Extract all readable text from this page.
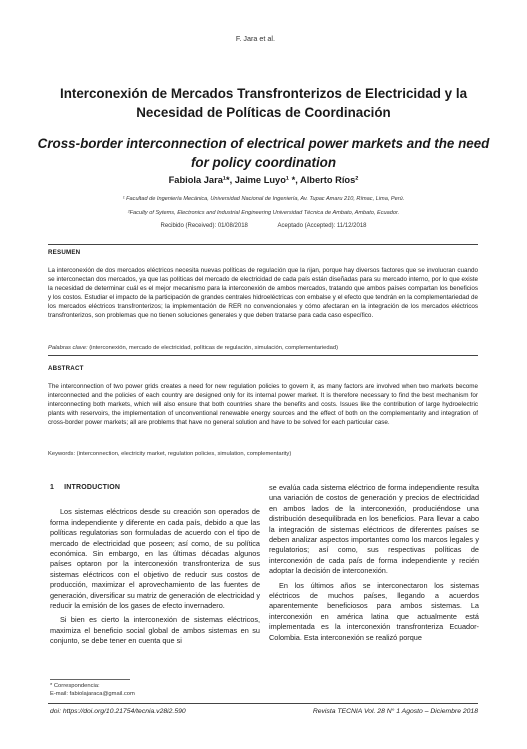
F. Jara et al.
Interconexión de Mercados Transfronterizos de Electricidad y la Necesidad de Políticas de Coordinación
Cross-border interconnection of electrical power markets and the need for policy coordination
Fabiola Jara¹*, Jaime Luyo¹ *, Alberto Ríos²
¹ Facultad de Ingeniería Mecánica, Universidad Nacional de Ingeniería, Av. Tupac Amaru 210, Rímac, Lima, Perú.
²Faculty of Sytems, Electronics and Industrial Engineering Universidad Técnica de Ambato, Ambato, Ecuador.
Recibido (Received): 01/08/2018	Aceptado (Accepted): 11/12/2018
RESUMEN

La interconexión de dos mercados eléctricos necesita nuevas políticas de regulación que la rijan, porque hay diversos factores que se involucran cuando se interconectan dos mercados, ya que las políticas del mercado de electricidad de cada país están diseñadas para su mercado interno, por lo que existe la necesidad de determinar cuál es el mejor mecanismo para la interconexión de ambos mercados, tratando que ambos países compartan los beneficios y los costos. Estudiar el impacto de la participación de grandes centrales hidroeléctricas con embalse y el efecto que tendrán en la complementariedad de los mercados eléctricos transfronterizos; la implementación de RER no convencionales y cómo afectaran en la integración de los mercados eléctricos transfronterizos, son problemas que no tienen soluciones generales y que deben tratarse para cada caso específico.

Palabras clave: (interconexión, mercado de electricidad, políticas de regulación, simulación, complementariedad)
ABSTRACT

The interconnection of two power grids creates a need for new regulation policies to govern it, as many factors are involved when two markets become interconnected and the policies of each country are designed only for its internal power market. It is therefore necessary to find the best mechanism for interconnecting both markets, which will also ensure that both countries share the benefits and costs. Issues like the contribution of large hydroelectric plants with reservoirs, the implementation of unconventional renewable energy sources and the effect of both on the complementarity and integration of cross-border power markets; all are problems that have no general solution and have to be solved for each particular case.

Keywords: (interconnection, electricity market, regulation policies, simulation, complementarity)
1 INTRODUCTION

Los sistemas eléctricos desde su creación son operados de forma independiente y diferente en cada país, debido a que las políticas regulatorias son formuladas de acuerdo con el tipo de mercado de electricidad que poseen; así como, de su política económica. Sin embargo, en las últimas décadas algunos países optaron por la interconexión transfronteriza de sus sistemas eléctricos con el objetivo de reducir sus costos de producción, maximizar el aprovechamiento de las fuentes de generación, diversificar su matriz de generación de electricidad y reducir la emisión de los gases de efecto invernadero.

Si bien es cierto la interconexión de sistemas eléctricos, maximiza el beneficio social global de ambos sistemas en su conjunto, se debe tener en cuenta que si

se evalúa cada sistema eléctrico de forma independiente resulta una variación de costos de generación y precios de electricidad en ambos lados de la interconexión, produciéndose una distribución desequilibrada en los beneficios. Para llevar a cabo la integración de sistemas eléctricos de diferentes países se deben analizar aspectos importantes como los marcos legales y regulatorios; así como, sus respectivas políticas de interconexión de cada país de forma independiente y recién adoptar la decisión de interconexión.

En los últimos años se interconectaron los sistemas eléctricos de muchos países, llegando a acuerdos aparentemente beneficiosos para ambos sistemas. La interconexión en américa latina que actualmente está implementada es la interconexión transfronteriza Ecuador-Colombia. Esta interconexión se realizó porque

* Correspondencia:
E-mail: fabiolajaraca@gmail.com
doi: https://doi.org/10.21754/tecnia.v28i2.590	Revista TECNIA Vol. 28 N° 1 Agosto – Diciembre 2018
